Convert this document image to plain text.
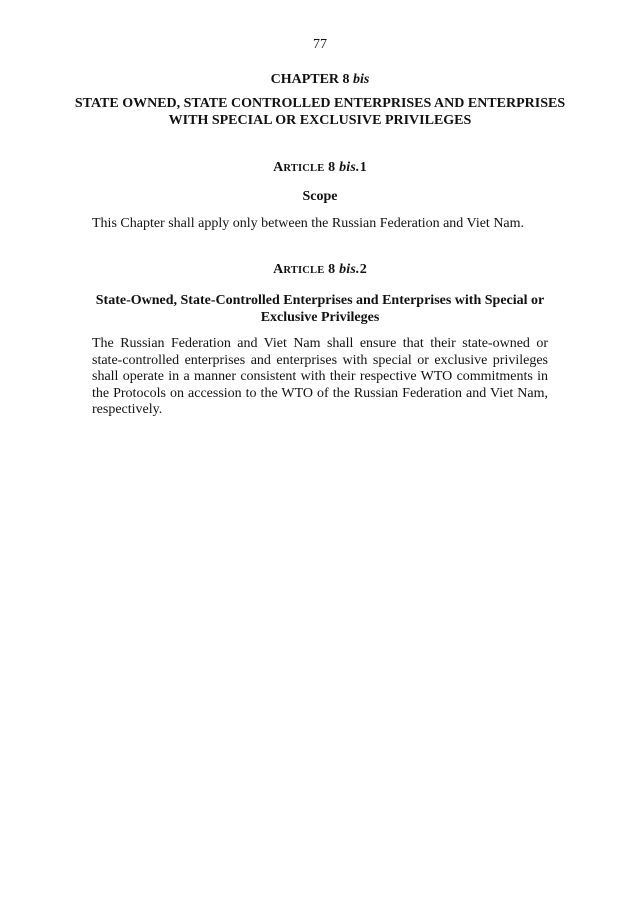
77
CHAPTER 8 bis
STATE OWNED, STATE CONTROLLED ENTERPRISES AND ENTERPRISES WITH SPECIAL OR EXCLUSIVE PRIVILEGES
ARTICLE 8 bis.1
Scope
This Chapter shall apply only between the Russian Federation and Viet Nam.
ARTICLE 8 bis.2
State-Owned, State-Controlled Enterprises and Enterprises with Special or Exclusive Privileges
The Russian Federation and Viet Nam shall ensure that their state-owned or state-controlled enterprises and enterprises with special or exclusive privileges shall operate in a manner consistent with their respective WTO commitments in the Protocols on accession to the WTO of the Russian Federation and Viet Nam, respectively.
